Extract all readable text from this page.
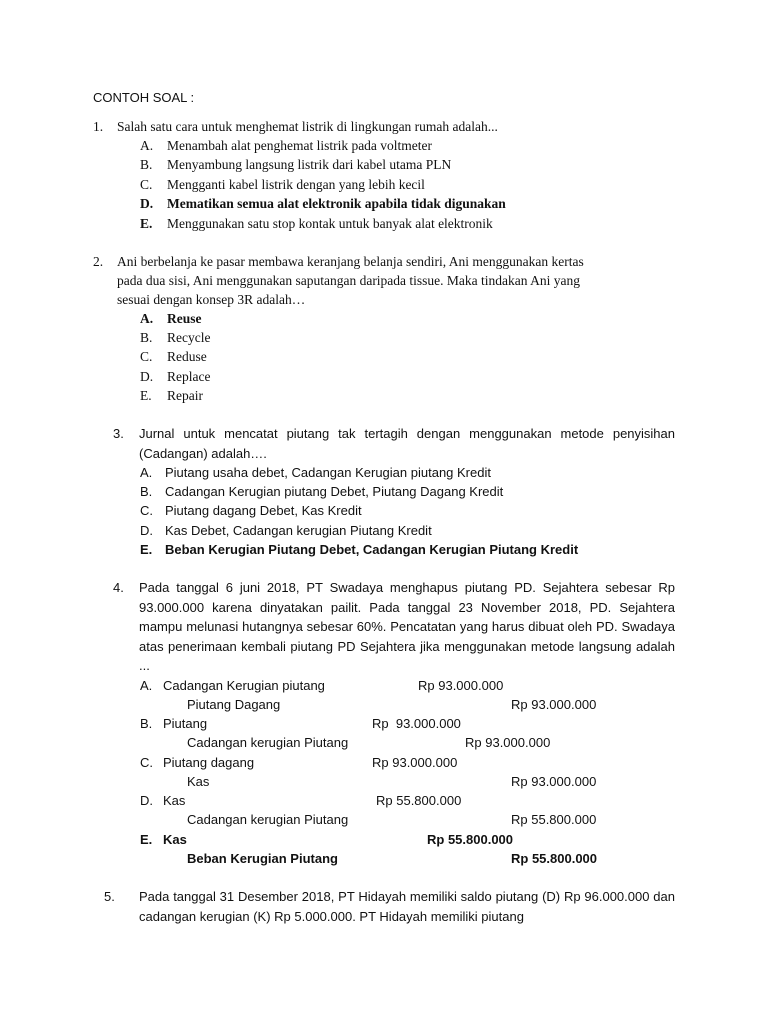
CONTOH SOAL :
1. Salah satu cara untuk menghemat listrik di lingkungan rumah adalah...
A. Menambah alat penghemat listrik pada voltmeter
B. Menyambung langsung listrik dari kabel utama PLN
C. Mengganti kabel listrik dengan yang lebih kecil
D. Mematikan semua alat elektronik apabila tidak digunakan
E. Menggunakan satu stop kontak untuk banyak alat elektronik
2. Ani berbelanja ke pasar membawa keranjang belanja sendiri, Ani menggunakan kertas
pada dua sisi, Ani menggunakan saputangan daripada tissue. Maka tindakan Ani yang
sesuai dengan konsep 3R adalah…
A. Reuse
B. Recycle
C. Reduse
D. Replace
E. Repair
3. Jurnal untuk mencatat piutang tak tertagih dengan menggunakan metode penyisihan (Cadangan) adalah….
A. Piutang usaha debet, Cadangan Kerugian piutang Kredit
B. Cadangan Kerugian piutang Debet, Piutang Dagang Kredit
C. Piutang dagang Debet, Kas Kredit
D. Kas Debet, Cadangan kerugian Piutang Kredit
E. Beban Kerugian Piutang Debet, Cadangan Kerugian Piutang Kredit
4. Pada tanggal 6 juni 2018, PT Swadaya menghapus piutang PD. Sejahtera sebesar Rp 93.000.000 karena dinyatakan pailit. Pada tanggal 23 November 2018, PD. Sejahtera mampu melunasi hutangnya sebesar 60%. Pencatatan yang harus dibuat oleh PD. Swadaya atas penerimaan kembali piutang PD Sejahtera jika menggunakan metode langsung adalah ...
A. Cadangan Kerugian piutang	Rp 93.000.000
Piutang Dagang	Rp 93.000.000
B. Piutang	Rp  93.000.000
Cadangan kerugian Piutang	Rp 93.000.000
C. Piutang dagang	Rp 93.000.000
Kas	Rp 93.000.000
D. Kas	Rp 55.800.000
Cadangan kerugian Piutang	Rp 55.800.000
E. Kas	Rp 55.800.000
Beban Kerugian Piutang	Rp 55.800.000
5. Pada tanggal 31 Desember 2018, PT Hidayah memiliki saldo piutang (D) Rp 96.000.000 dan cadangan kerugian (K) Rp 5.000.000. PT Hidayah memiliki piutang
